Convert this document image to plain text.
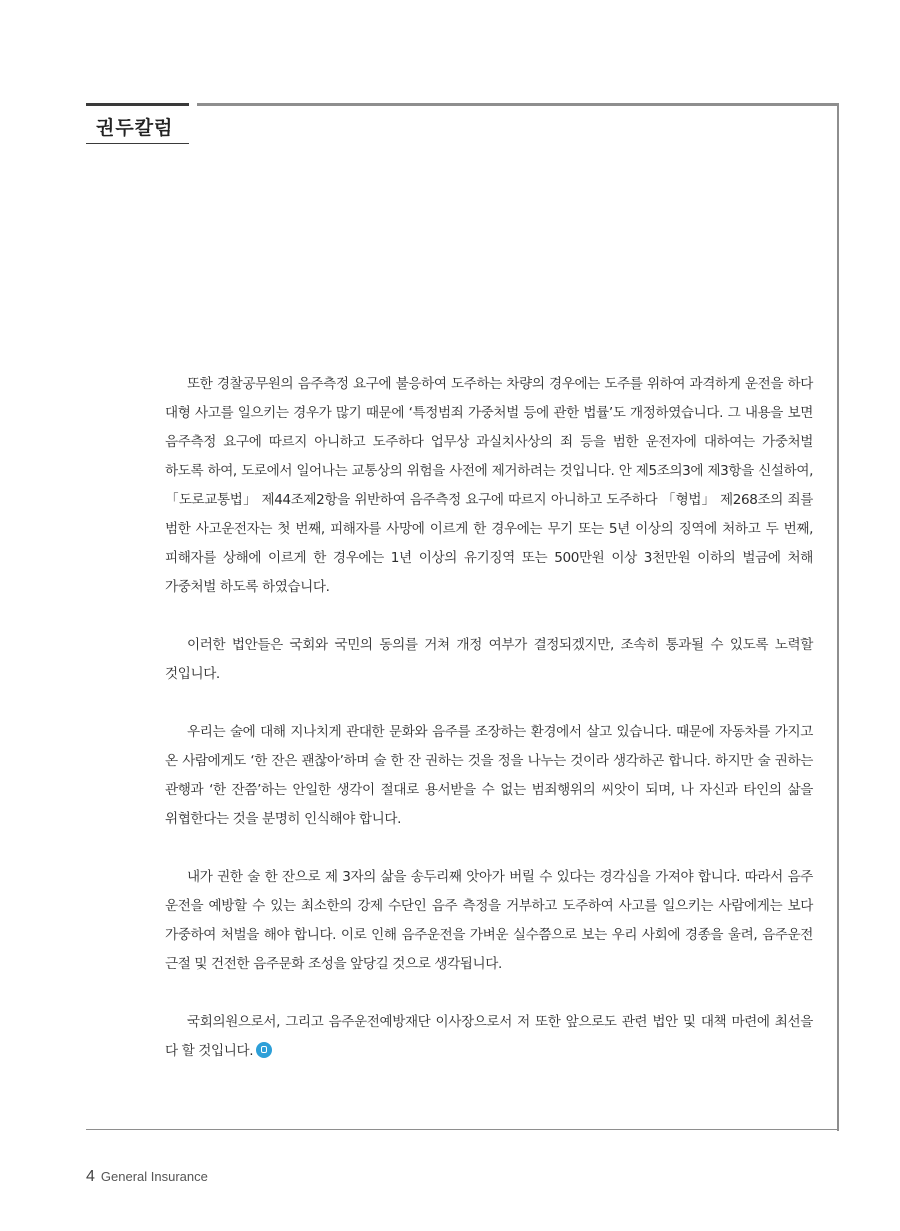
권두칼럼

또한 경찰공무원의 음주측정 요구에 불응하여 도주하는 차량의 경우에는 도주를 위하여 과격하게 운전을 하다 대형 사고를 일으키는 경우가 많기 때문에 ‘특정범죄 가중처벌 등에 관한 법률’도 개정하였습니다. 그 내용을 보면 음주측정 요구에 따르지 아니하고 도주하다 업무상 과실치사상의 죄 등을 범한 운전자에 대하여는 가중처벌 하도록 하여, 도로에서 일어나는 교통상의 위험을 사전에 제거하려는 것입니다. 안 제5조의3에 제3항을 신설하여, 「도로교통법」 제44조제2항을 위반하여 음주측정 요구에 따르지 아니하고 도주하다 「형법」 제268조의 죄를 범한 사고운전자는 첫 번째, 피해자를 사망에 이르게 한 경우에는 무기 또는 5년 이상의 징역에 처하고 두 번째, 피해자를 상해에 이르게 한 경우에는 1년 이상의 유기징역 또는 500만원 이상 3천만원 이하의 벌금에 처해 가중처벌 하도록 하였습니다.

이러한 법안들은 국회와 국민의 동의를 거쳐 개정 여부가 결정되겠지만, 조속히 통과될 수 있도록 노력할 것입니다.

우리는 술에 대해 지나치게 관대한 문화와 음주를 조장하는 환경에서 살고 있습니다. 때문에 자동차를 가지고 온 사람에게도 ‘한 잔은 괜찮아’하며 술 한 잔 권하는 것을 정을 나누는 것이라 생각하곤 합니다. 하지만 술 권하는 관행과 ‘한 잔쯤’하는 안일한 생각이 절대로 용서받을 수 없는 범죄행위의 씨앗이 되며, 나 자신과 타인의 삶을 위협한다는 것을 분명히 인식해야 합니다.

내가 권한 술 한 잔으로 제 3자의 삶을 송두리째 앗아가 버릴 수 있다는 경각심을 가져야 합니다. 따라서 음주 운전을 예방할 수 있는 최소한의 강제 수단인 음주 측정을 거부하고 도주하여 사고를 일으키는 사람에게는 보다 가중하여 처벌을 해야 합니다. 이로 인해 음주운전을 가벼운 실수쯤으로 보는 우리 사회에 경종을 울려, 음주운전 근절 및 건전한 음주문화 조성을 앞당길 것으로 생각됩니다.

국회의원으로서, 그리고 음주운전예방재단 이사장으로서 저 또한 앞으로도 관련 법안 및 대책 마련에 최선을 다 할 것입니다.

4 General Insurance
